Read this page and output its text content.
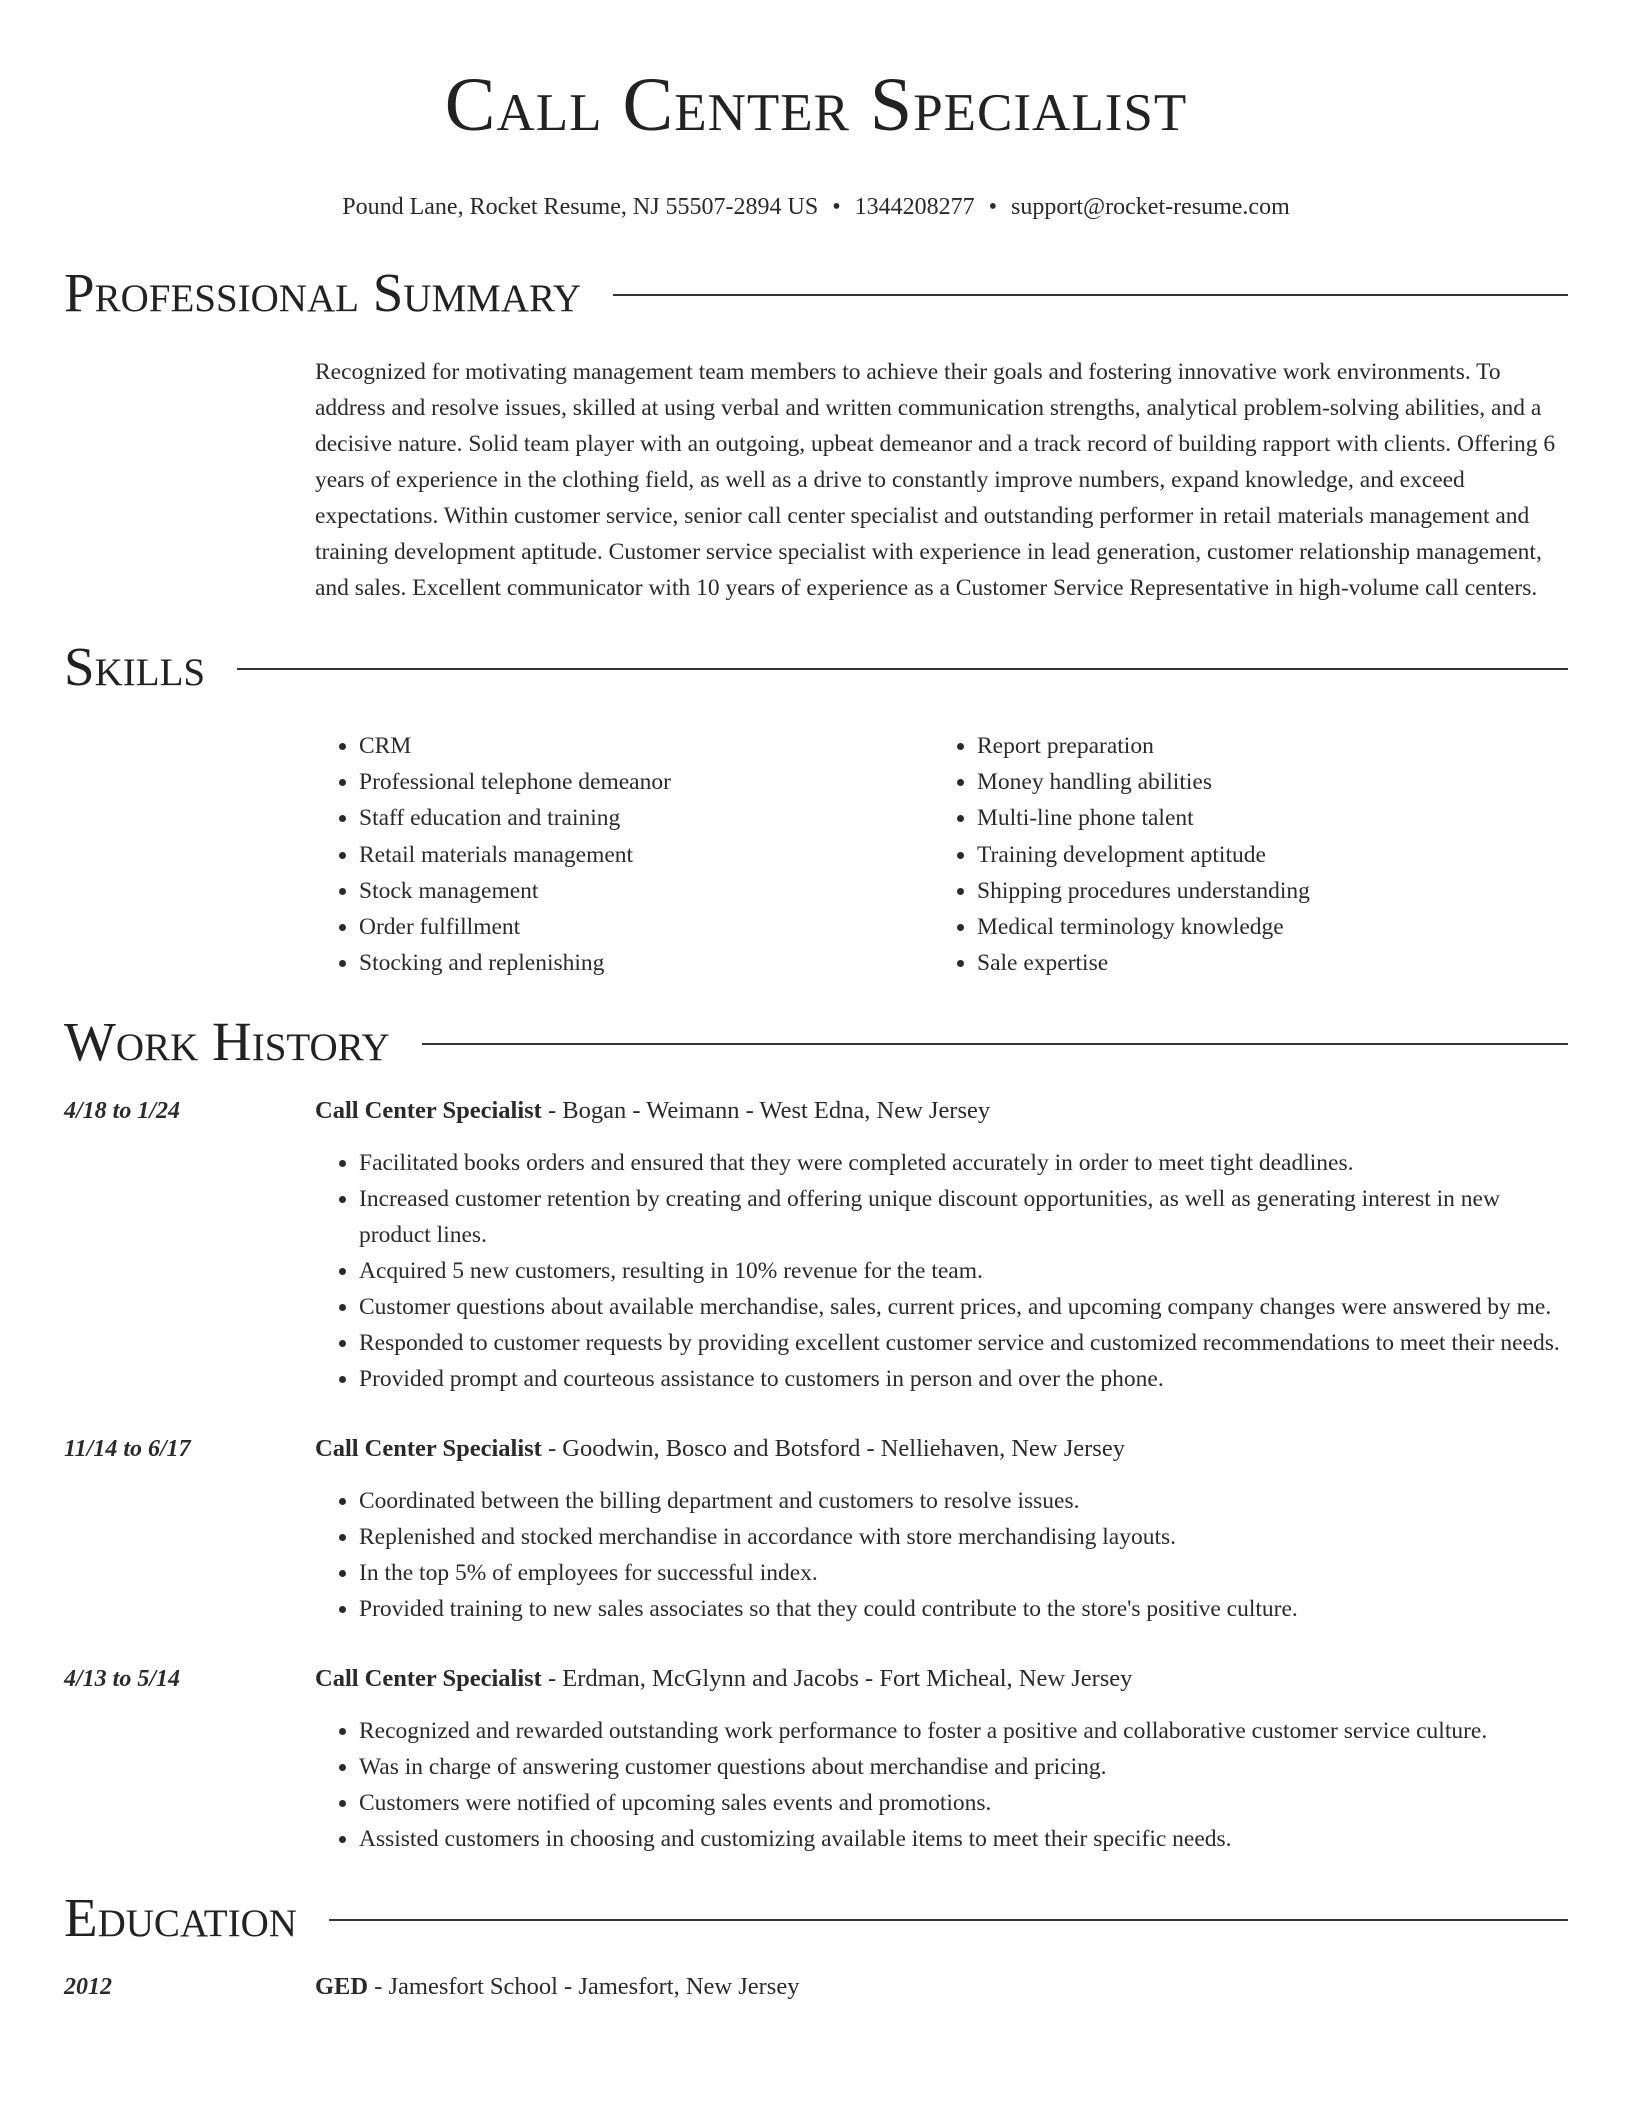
Call Center Specialist
Pound Lane, Rocket Resume, NJ 55507-2894 US • 1344208277 • support@rocket-resume.com
Professional Summary
Recognized for motivating management team members to achieve their goals and fostering innovative work environments. To address and resolve issues, skilled at using verbal and written communication strengths, analytical problem-solving abilities, and a decisive nature. Solid team player with an outgoing, upbeat demeanor and a track record of building rapport with clients. Offering 6 years of experience in the clothing field, as well as a drive to constantly improve numbers, expand knowledge, and exceed expectations. Within customer service, senior call center specialist and outstanding performer in retail materials management and training development aptitude. Customer service specialist with experience in lead generation, customer relationship management, and sales. Excellent communicator with 10 years of experience as a Customer Service Representative in high-volume call centers.
Skills
• CRM
• Professional telephone demeanor
• Staff education and training
• Retail materials management
• Stock management
• Order fulfillment
• Stocking and replenishing
• Report preparation
• Money handling abilities
• Multi-line phone talent
• Training development aptitude
• Shipping procedures understanding
• Medical terminology knowledge
• Sale expertise
Work History
4/18 to 1/24	Call Center Specialist - Bogan - Weimann - West Edna, New Jersey
• Facilitated books orders and ensured that they were completed accurately in order to meet tight deadlines.
• Increased customer retention by creating and offering unique discount opportunities, as well as generating interest in new product lines.
• Acquired 5 new customers, resulting in 10% revenue for the team.
• Customer questions about available merchandise, sales, current prices, and upcoming company changes were answered by me.
• Responded to customer requests by providing excellent customer service and customized recommendations to meet their needs.
• Provided prompt and courteous assistance to customers in person and over the phone.
11/14 to 6/17	Call Center Specialist - Goodwin, Bosco and Botsford - Nelliehaven, New Jersey
• Coordinated between the billing department and customers to resolve issues.
• Replenished and stocked merchandise in accordance with store merchandising layouts.
• In the top 5% of employees for successful index.
• Provided training to new sales associates so that they could contribute to the store's positive culture.
4/13 to 5/14	Call Center Specialist - Erdman, McGlynn and Jacobs - Fort Micheal, New Jersey
• Recognized and rewarded outstanding work performance to foster a positive and collaborative customer service culture.
• Was in charge of answering customer questions about merchandise and pricing.
• Customers were notified of upcoming sales events and promotions.
• Assisted customers in choosing and customizing available items to meet their specific needs.
Education
2012	GED - Jamesfort School - Jamesfort, New Jersey
